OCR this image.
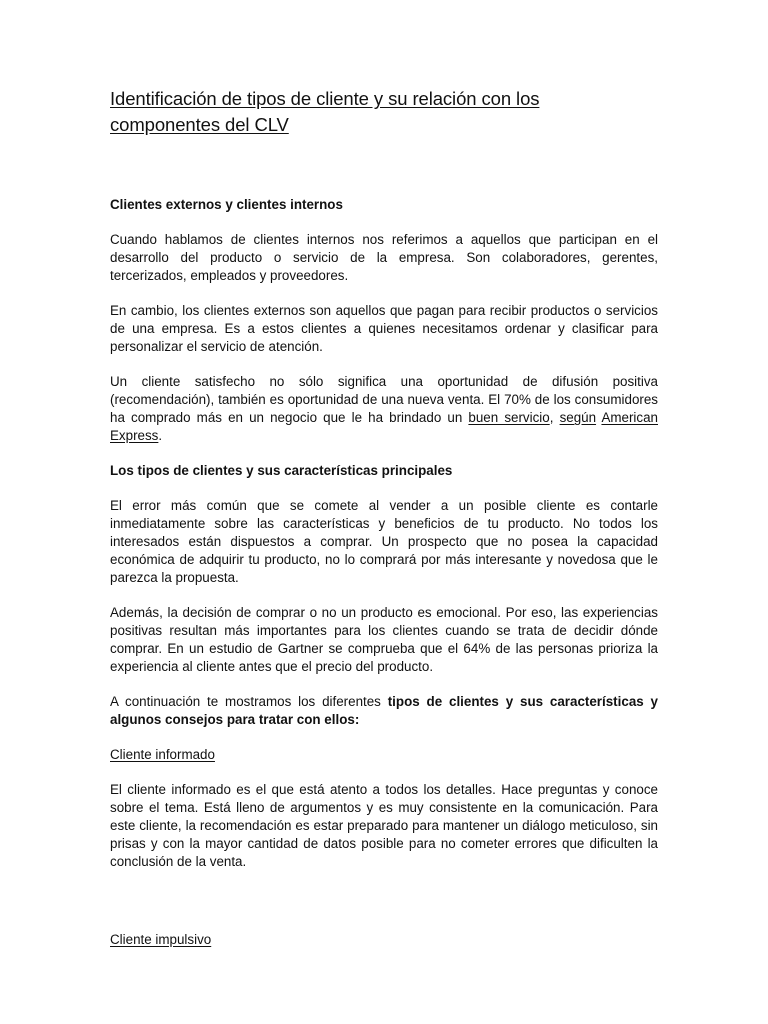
Identificación de tipos de cliente y su relación con los
componentes del CLV
Clientes externos y clientes internos

Cuando hablamos de clientes internos nos referimos a aquellos que participan en el desarrollo del producto o servicio de la empresa. Son colaboradores, gerentes, tercerizados, empleados y proveedores.

En cambio, los clientes externos son aquellos que pagan para recibir productos o servicios de una empresa. Es a estos clientes a quienes necesitamos ordenar y clasificar para personalizar el servicio de atención.

Un cliente satisfecho no sólo significa una oportunidad de difusión positiva (recomendación), también es oportunidad de una nueva venta. El 70% de los consumidores ha comprado más en un negocio que le ha brindado un buen servicio, según American Express.

Los tipos de clientes y sus características principales

El error más común que se comete al vender a un posible cliente es contarle inmediatamente sobre las características y beneficios de tu producto. No todos los interesados están dispuestos a comprar. Un prospecto que no posea la capacidad económica de adquirir tu producto, no lo comprará por más interesante y novedosa que le parezca la propuesta.

Además, la decisión de comprar o no un producto es emocional. Por eso, las experiencias positivas resultan más importantes para los clientes cuando se trata de decidir dónde comprar. En un estudio de Gartner se comprueba que el 64% de las personas prioriza la experiencia al cliente antes que el precio del producto.

A continuación te mostramos los diferentes tipos de clientes y sus características y algunos consejos para tratar con ellos:

Cliente informado

El cliente informado es el que está atento a todos los detalles. Hace preguntas y conoce sobre el tema. Está lleno de argumentos y es muy consistente en la comunicación. Para este cliente, la recomendación es estar preparado para mantener un diálogo meticuloso, sin prisas y con la mayor cantidad de datos posible para no cometer errores que dificulten la conclusión de la venta.

Cliente impulsivo
